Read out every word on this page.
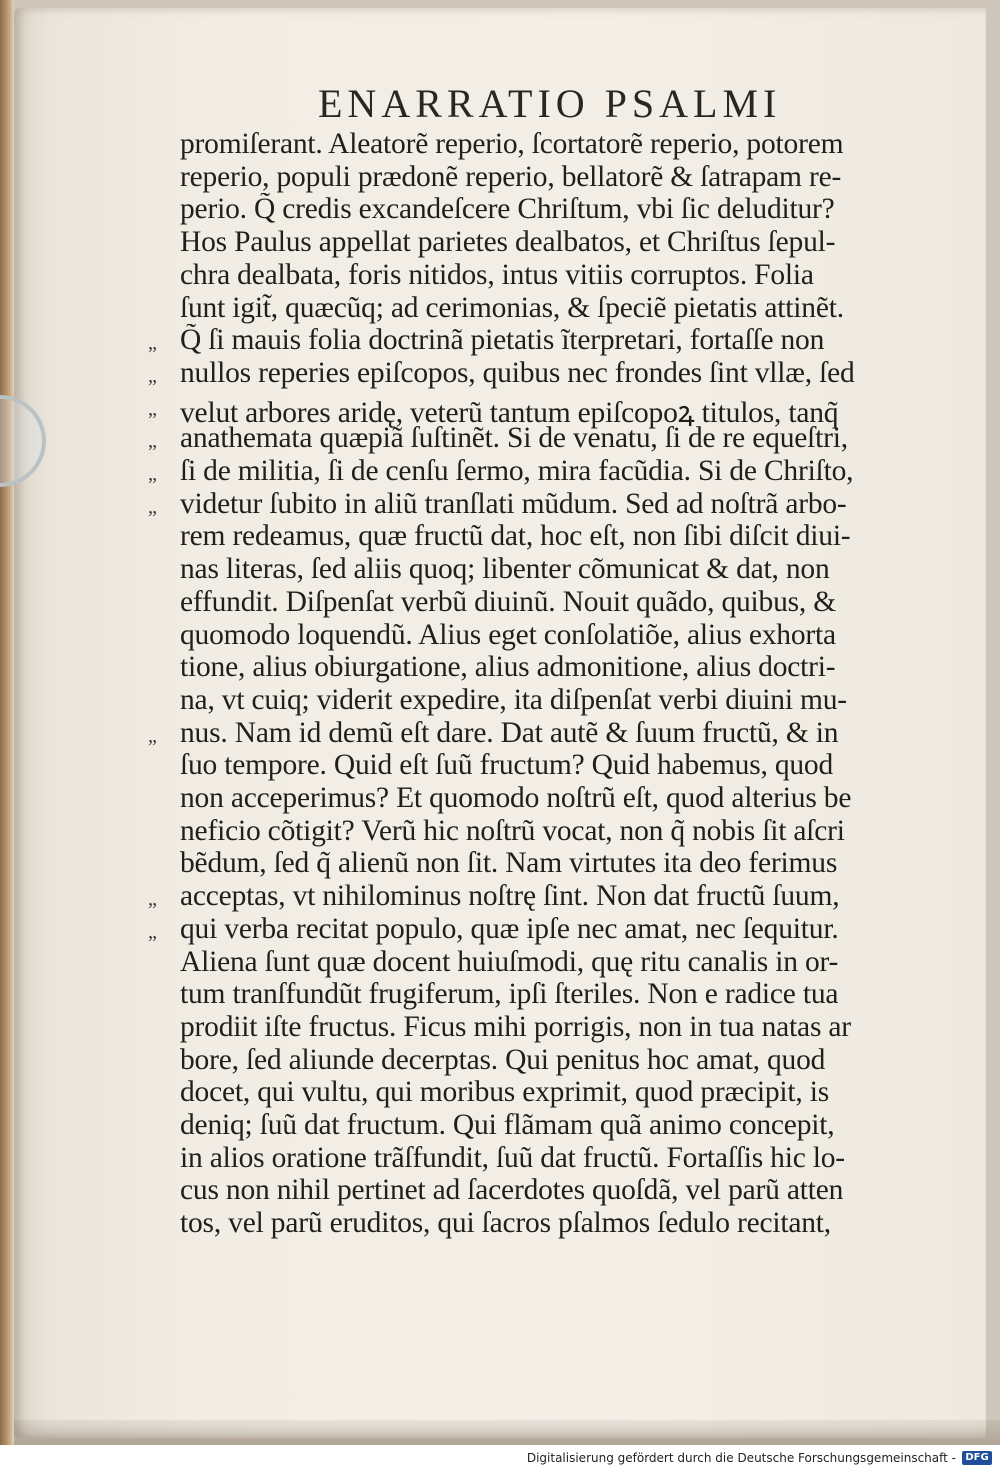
ENARRATIO PSALMI
promiſerant. Aleatorẽ reperio, ſcortatorẽ reperio, potorem
reperio, populi prædonẽ reperio, bellatorẽ & ſatrapam re-
perio. Q̃ credis excandeſcere Chriſtum, vbi ſic deluditur?
Hos Paulus appellat parietes dealbatos, et Chriſtus ſepul-
chra dealbata, foris nitidos, intus vitiis corruptos. Folia
ſunt igit̃, quæcũq; ad cerimonias, & ſpeciẽ pietatis attinẽt.
„ Q̃ ſi mauis folia doctrinã pietatis ĩterpretari, fortaſſe non
„ nullos reperies epiſcopos, quibus nec frondes ſint vllæ, ſed
„ velut arbores aridę, veterũ tantum epiſcopoꝝ titulos, tanq̃
„ anathemata quæpiã ſuſtinẽt. Si de venatu, ſi de re equeſtri,
„ ſi de militia, ſi de cenſu ſermo, mira facũdia. Si de Chriſto,
„ videtur ſubito in aliũ tranſlati mũdum. Sed ad noſtrã arbo-
rem redeamus, quæ fructũ dat, hoc eſt, non ſibi diſcit diui-
nas literas, ſed aliis quoq; libenter cõmunicat & dat, non
effundit. Diſpenſat verbũ diuinũ. Nouit quãdo, quibus, &
quomodo loquendũ. Alius eget conſolatiõe, alius exhorta
tione, alius obiurgatione, alius admonitione, alius doctri-
na, vt cuiq; viderit expedire, ita diſpenſat verbi diuini mu-
„ nus. Nam id demũ eſt dare. Dat autẽ & ſuum fructũ, & in
ſuo tempore. Quid eſt ſuũ fructum? Quid habemus, quod
non acceperimus? Et quomodo noſtrũ eſt, quod alterius be
neficio cõtigit? Verũ hic noſtrũ vocat, non q̃ nobis ſit aſcri
bẽdum, ſed q̃ alienũ non ſit. Nam virtutes ita deo ferimus
„ acceptas, vt nihilominus noſtrę ſint. Non dat fructũ ſuum,
„ qui verba recitat populo, quæ ipſe nec amat, nec ſequitur.
Aliena ſunt quæ docent huiuſmodi, quę ritu canalis in or-
tum tranſfundũt frugiferum, ipſi ſteriles. Non e radice tua
prodiit iſte fructus. Ficus mihi porrigis, non in tua natas ar
bore, ſed aliunde decerptas. Qui penitus hoc amat, quod
docet, qui vultu, qui moribus exprimit, quod præcipit, is
deniq; ſuũ dat fructum. Qui flãmam quã animo concepit,
in alios oratione trãſfundit, ſuũ dat fructũ. Fortaſſis hic lo-
cus non nihil pertinet ad ſacerdotes quoſdã, vel parũ atten
tos, vel parũ eruditos, qui ſacros pſalmos ſedulo recitant,
Digitalisierung gefördert durch die Deutsche Forschungsgemeinschaft - DFG
